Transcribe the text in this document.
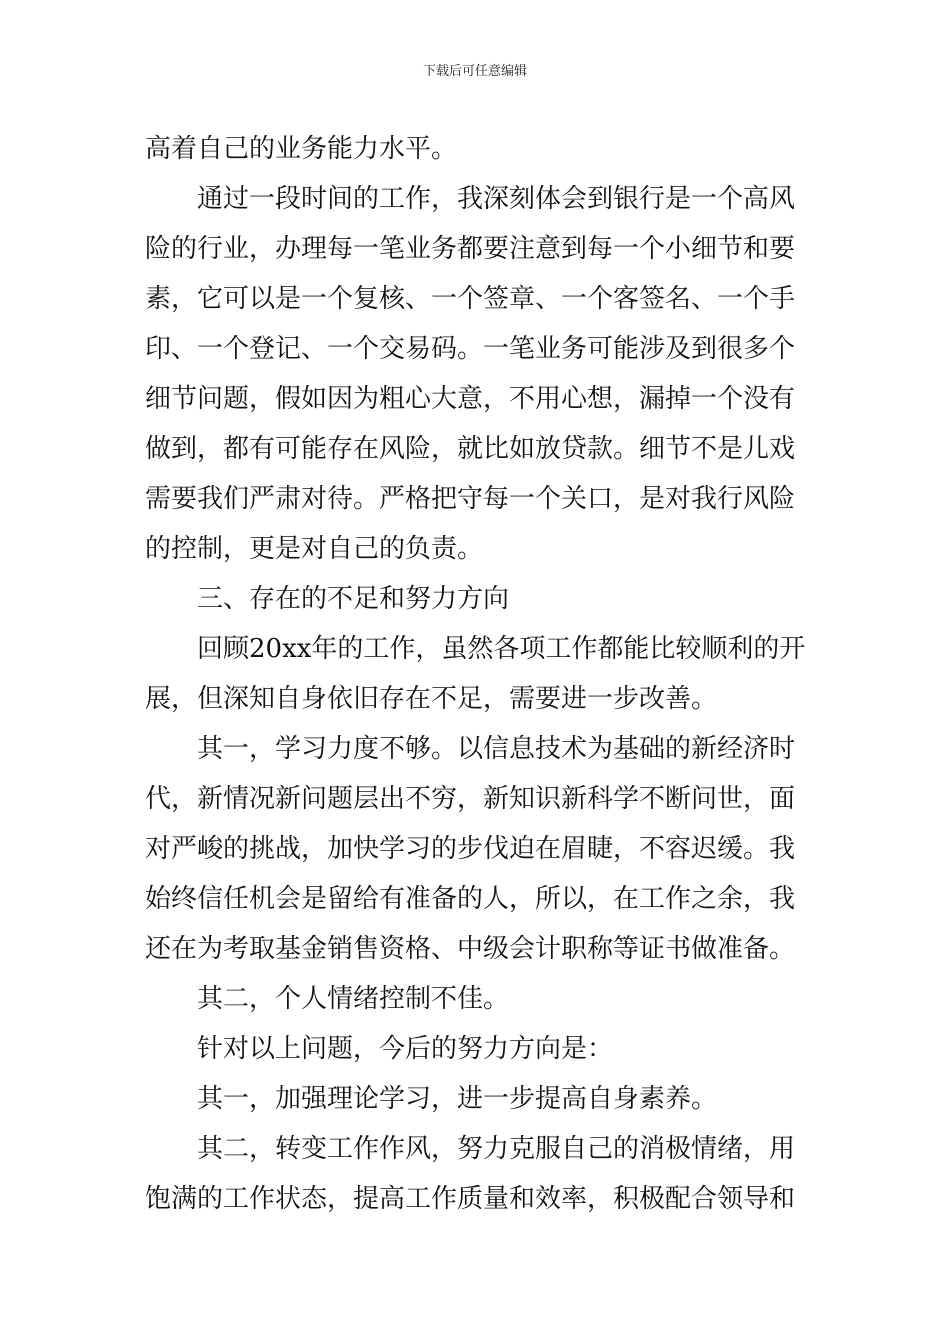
下载后可任意编辑
高着自己的业务能力水平。
通过一段时间的工作，我深刻体会到银行是一个高风
险的行业，办理每一笔业务都要注意到每一个小细节和要
素，它可以是一个复核、一个签章、一个客签名、一个手
印、一个登记、一个交易码。一笔业务可能涉及到很多个
细节问题，假如因为粗心大意，不用心想，漏掉一个没有
做到，都有可能存在风险，就比如放贷款。细节不是儿戏
需要我们严肃对待。严格把守每一个关口，是对我行风险
的控制，更是对自己的负责。
三、存在的不足和努力方向
回顾20xx年的工作，虽然各项工作都能比较顺利的开
展，但深知自身依旧存在不足，需要进一步改善。
其一，学习力度不够。以信息技术为基础的新经济时
代，新情况新问题层出不穷，新知识新科学不断问世，面
对严峻的挑战，加快学习的步伐迫在眉睫，不容迟缓。我
始终信任机会是留给有准备的人，所以，在工作之余，我
还在为考取基金销售资格、中级会计职称等证书做准备。
其二，个人情绪控制不佳。
针对以上问题，今后的努力方向是：
其一，加强理论学习，进一步提高自身素养。
其二，转变工作作风，努力克服自己的消极情绪，用
饱满的工作状态，提高工作质量和效率，积极配合领导和
